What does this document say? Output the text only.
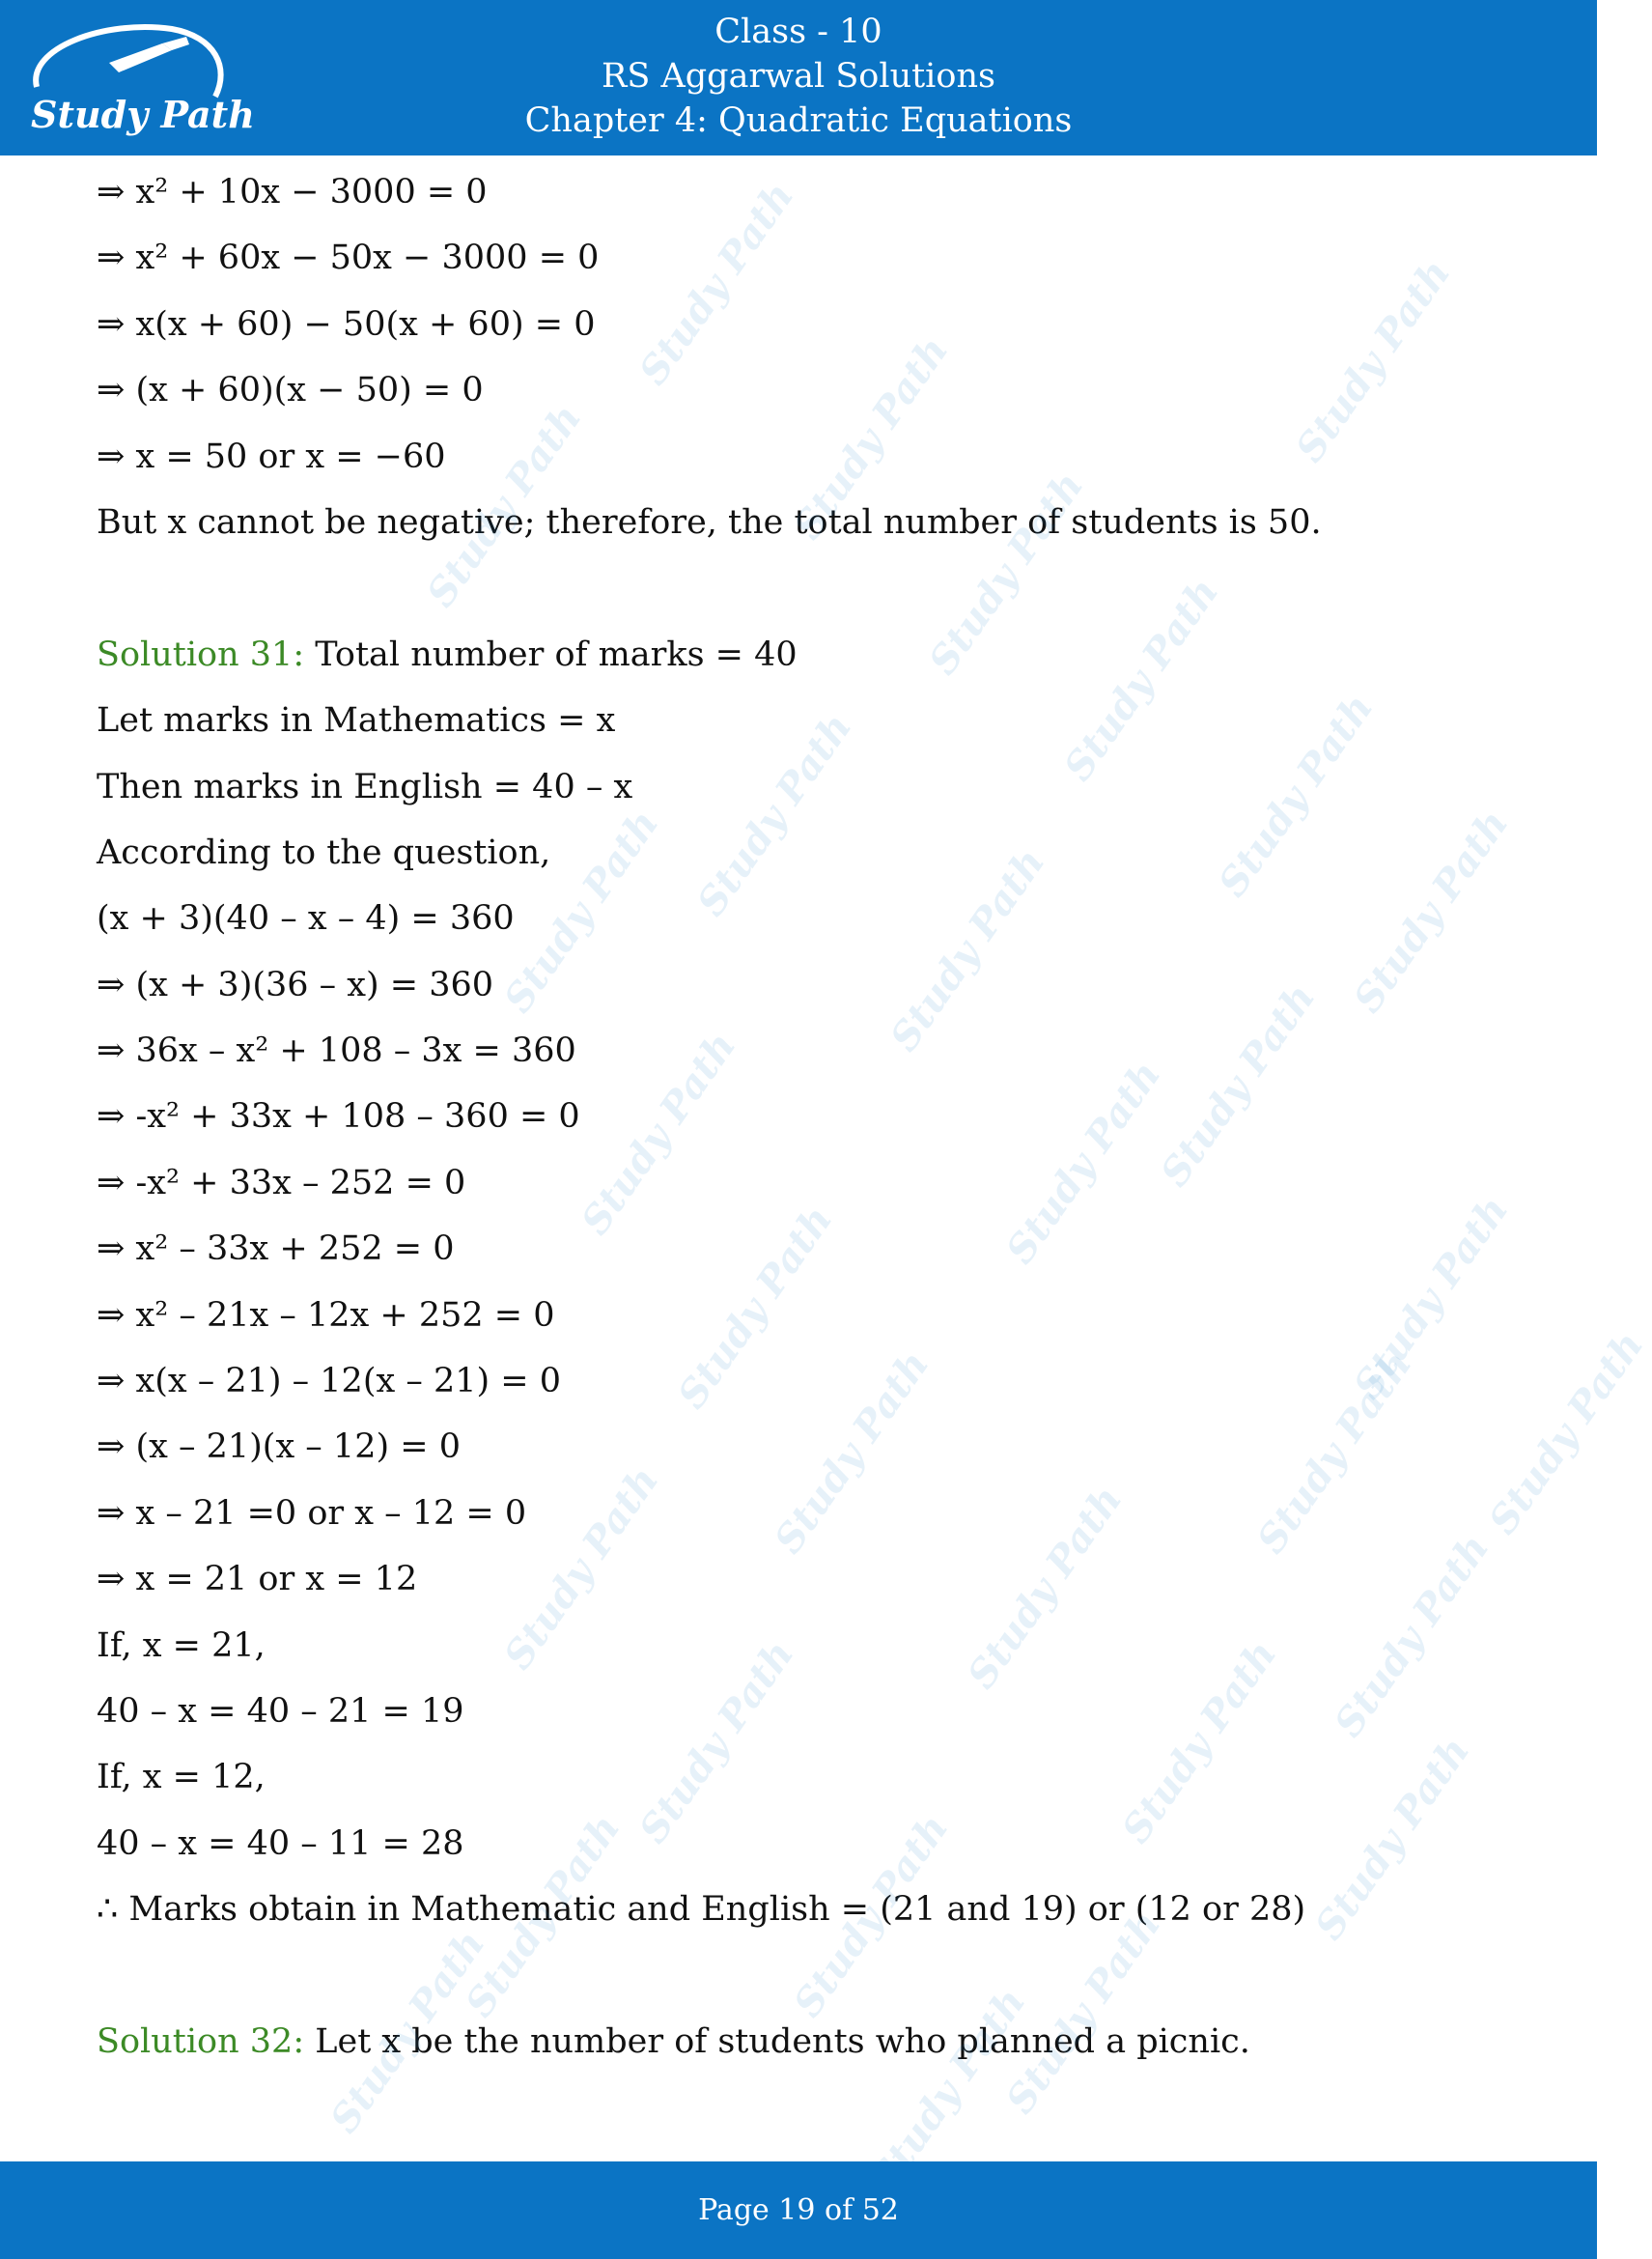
Study Path
Class - 10
RS Aggarwal Solutions
Chapter 4: Quadratic Equations
⇒ x² + 10x − 3000 = 0
⇒ x² + 60x − 50x − 3000 = 0
⇒ x(x + 60) − 50(x + 60) = 0
⇒ (x + 60)(x − 50) = 0
⇒ x = 50 or x = −60
But x cannot be negative; therefore, the total number of students is 50.
Solution 31: Total number of marks = 40
Let marks in Mathematics = x
Then marks in English = 40 – x
According to the question,
(x + 3)(40 – x – 4) = 360
⇒ (x + 3)(36 – x) = 360
⇒ 36x – x² + 108 – 3x = 360
⇒ -x² + 33x + 108 – 360 = 0
⇒ -x² + 33x – 252 = 0
⇒ x² – 33x + 252 = 0
⇒ x² – 21x – 12x + 252 = 0
⇒ x(x – 21) – 12(x – 21) = 0
⇒ (x – 21)(x – 12) = 0
⇒ x – 21 =0 or x – 12 = 0
⇒ x = 21 or x = 12
If, x = 21,
40 – x = 40 – 21 = 19
If, x = 12,
40 – x = 40 – 11 = 28
∴ Marks obtain in Mathematic and English = (21 and 19) or (12 or 28)
Solution 32: Let x be the number of students who planned a picnic.
Study Path	Study Path
Study Path
Study Path	Study Path
Study Path
Study Path	Study Path
Study Path	Study Path	Study Path
Study Path
Study Path	Study Path
Study Path
Study Path
Study Path
Study Path
Study Path
Study Path
Study Path
Study Path Study Path
Study Path	Study Path
Study Path
Study Path	Study Path
Study Path	Study Path
Page 19 of 52
